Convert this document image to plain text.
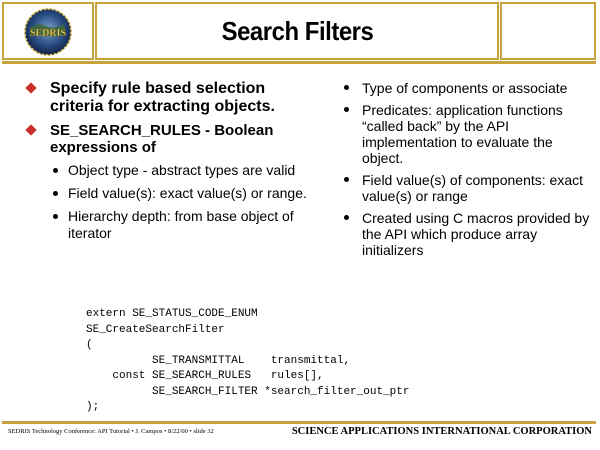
SEDRIS	Search Filters
Specify rule based selection criteria for extracting objects.
SE_SEARCH_RULES - Boolean expressions of
Object type - abstract types are valid
Field value(s): exact value(s) or range.
Hierarchy depth: from base object of iterator
Type of components or associate
Predicates: application functions “called back” by the API implementation to evaluate the object.
Field value(s) of components: exact value(s) or range
Created using C macros provided by the API which produce array initializers
extern SE_STATUS_CODE_ENUM
SE_CreateSearchFilter
(
SE_TRANSMITTAL    transmittal,
const SE_SEARCH_RULES   rules[],
SE_SEARCH_FILTER *search_filter_out_ptr
);
SEDRIS Technology Conference: API Tutorial • J. Campos • 8/22/00 • slide 32	SCIENCE APPLICATIONS INTERNATIONAL CORPORATION
